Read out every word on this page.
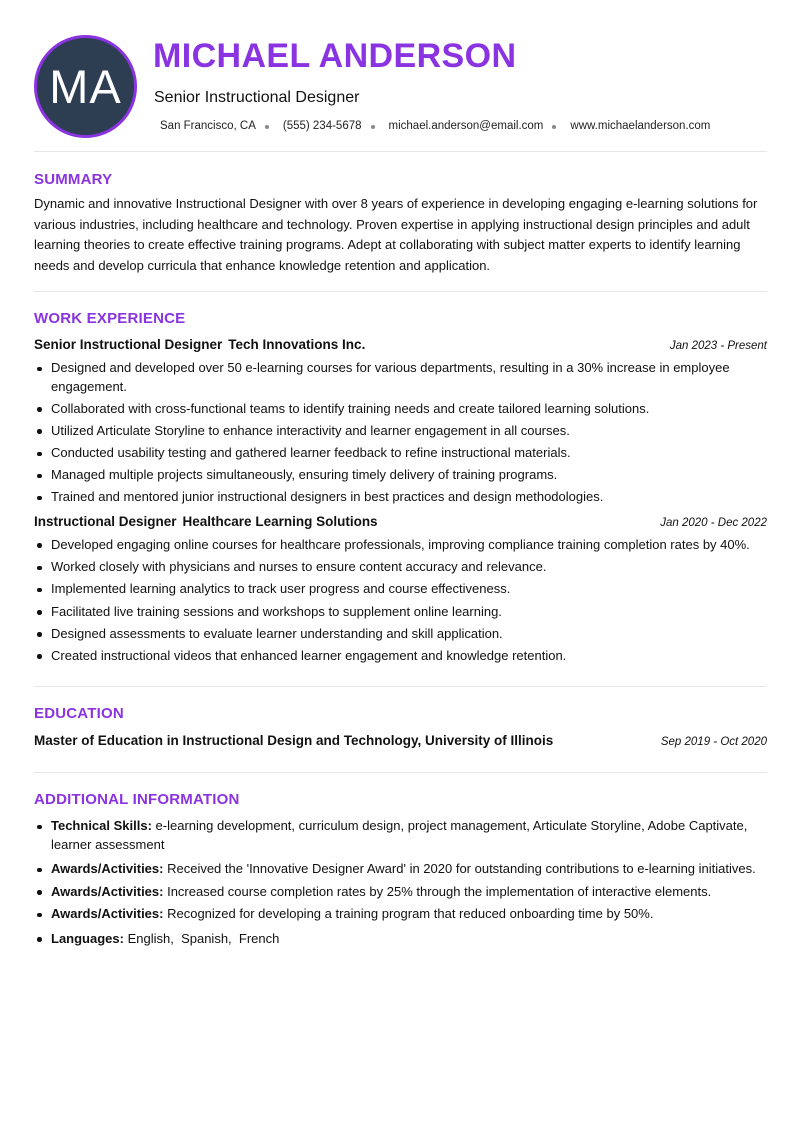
MA
MICHAEL ANDERSON
Senior Instructional Designer
San Francisco, CA (555) 234-5678 michael.anderson@email.com www.michaelanderson.com
SUMMARY

Dynamic and innovative Instructional Designer with over 8 years of experience in developing engaging e-learning solutions for various industries, including healthcare and technology. Proven expertise in applying instructional design principles and adult learning theories to create effective training programs. Adept at collaborating with subject matter experts to identify learning needs and develop curricula that enhance knowledge retention and application.

WORK EXPERIENCE
Senior Instructional Designer Tech Innovations Inc.	Jan 2023 - Present
Designed and developed over 50 e-learning courses for various departments, resulting in a 30% increase in employee engagement.
Collaborated with cross-functional teams to identify training needs and create tailored learning solutions.
Utilized Articulate Storyline to enhance interactivity and learner engagement in all courses.
Conducted usability testing and gathered learner feedback to refine instructional materials.
Managed multiple projects simultaneously, ensuring timely delivery of training programs.
Trained and mentored junior instructional designers in best practices and design methodologies.
Instructional Designer Healthcare Learning Solutions	Jan 2020 - Dec 2022
Developed engaging online courses for healthcare professionals, improving compliance training completion rates by 40%.
Worked closely with physicians and nurses to ensure content accuracy and relevance.
Implemented learning analytics to track user progress and course effectiveness.
Facilitated live training sessions and workshops to supplement online learning.
Designed assessments to evaluate learner understanding and skill application.
Created instructional videos that enhanced learner engagement and knowledge retention.
EDUCATION
Master of Education in Instructional Design and Technology, University of Illinois	Sep 2019 - Oct 2020
ADDITIONAL INFORMATION
Technical Skills: e-learning development, curriculum design, project management, Articulate Storyline, Adobe Captivate, learner assessment
Awards/Activities: Received the 'Innovative Designer Award' in 2020 for outstanding contributions to e-learning initiatives.
Awards/Activities: Increased course completion rates by 25% through the implementation of interactive elements.
Awards/Activities: Recognized for developing a training program that reduced onboarding time by 50%.
Languages: English,  Spanish,  French
